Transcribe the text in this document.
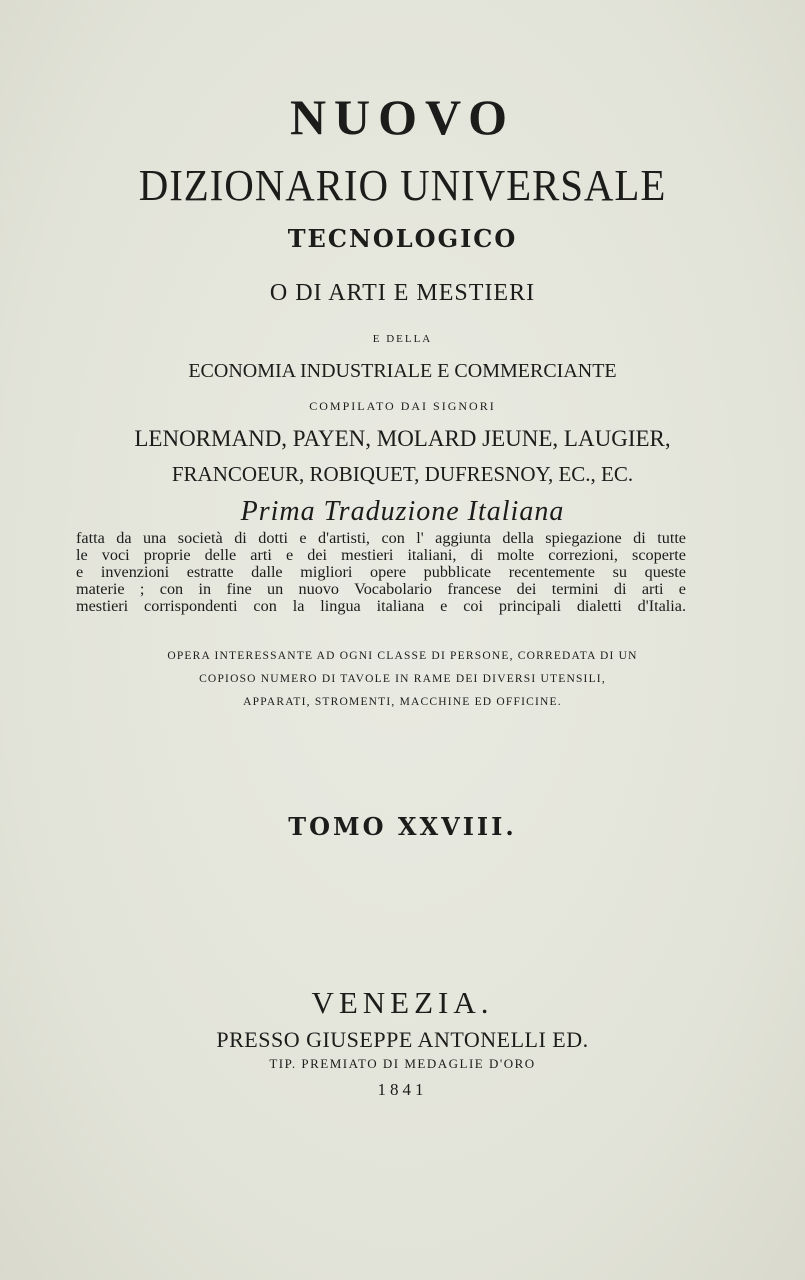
NUOVO
DIZIONARIO UNIVERSALE
TECNOLOGICO
O DI ARTI E MESTIERI
E DELLA
ECONOMIA INDUSTRIALE E COMMERCIANTE
COMPILATO DAI SIGNORI
LENORMAND, PAYEN, MOLARD JEUNE, LAUGIER,
FRANCOEUR, ROBIQUET, DUFRESNOY, EC., EC.
Prima Traduzione Italiana
fatta da una società di dotti e d'artisti, con l' aggiunta della spiegazione di tutte
le voci proprie delle arti e dei mestieri italiani, di molte correzioni, scoperte
e invenzioni estratte dalle migliori opere pubblicate recentemente su queste
materie ; con in fine un nuovo Vocabolario francese dei termini di arti e
mestieri corrispondenti con la lingua italiana e coi principali dialetti d'Italia.
OPERA INTERESSANTE AD OGNI CLASSE DI PERSONE, CORREDATA DI UN
COPIOSO NUMERO DI TAVOLE IN RAME DEI DIVERSI UTENSILI,
APPARATI, STROMENTI, MACCHINE ED OFFICINE.
TOMO XXVIII.
VENEZIA.
PRESSO GIUSEPPE ANTONELLI ED.
TIP. PREMIATO DI MEDAGLIE D'ORO
1841
